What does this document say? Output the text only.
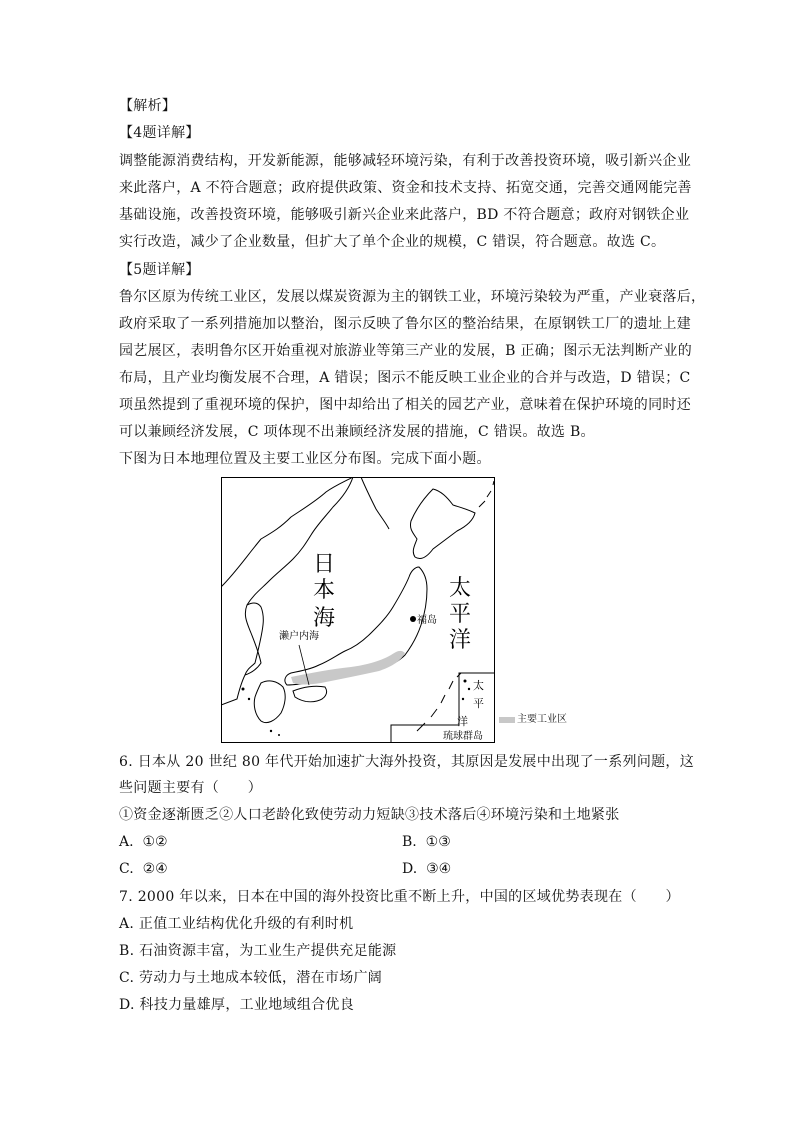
【解析】
【4题详解】
调整能源消费结构，开发新能源，能够减轻环境污染，有利于改善投资环境，吸引新兴企业
来此落户，A 不符合题意；政府提供政策、资金和技术支持、拓宽交通，完善交通网能完善
基础设施，改善投资环境，能够吸引新兴企业来此落户，BD 不符合题意；政府对钢铁企业
实行改造，减少了企业数量，但扩大了单个企业的规模，C 错误，符合题意。故选 C。
【5题详解】
鲁尔区原为传统工业区，发展以煤炭资源为主的钢铁工业，环境污染较为严重，产业衰落后，
政府采取了一系列措施加以整治，图示反映了鲁尔区的整治结果，在原钢铁工厂的遗址上建
园艺展区，表明鲁尔区开始重视对旅游业等第三产业的发展，B 正确；图示无法判断产业的
布局，且产业均衡发展不合理，A 错误；图示不能反映工业企业的合并与改造，D 错误；C
项虽然提到了重视环境的保护，图中却给出了相关的园艺产业，意味着在保护环境的同时还
可以兼顾经济发展，C 项体现不出兼顾经济发展的措施，C 错误。故选 B。
下图为日本地理位置及主要工业区分布图。完成下面小题。
日
本
海
太
平
洋
福岛
濑户内海
太
平
洋
琉球群岛
主要工业区
6. 日本从 20 世纪 80 年代开始加速扩大海外投资，其原因是发展中出现了一系列问题，这
些问题主要有（　　）
①资金逐渐匮乏②人口老龄化致使劳动力短缺③技术落后④环境污染和土地紧张
A. ①②	B. ①③
C. ②④	D. ③④
7. 2000 年以来，日本在中国的海外投资比重不断上升，中国的区域优势表现在（　　）
A. 正值工业结构优化升级的有利时机
B. 石油资源丰富，为工业生产提供充足能源
C. 劳动力与土地成本较低，潜在市场广阔
D. 科技力量雄厚，工业地域组合优良
